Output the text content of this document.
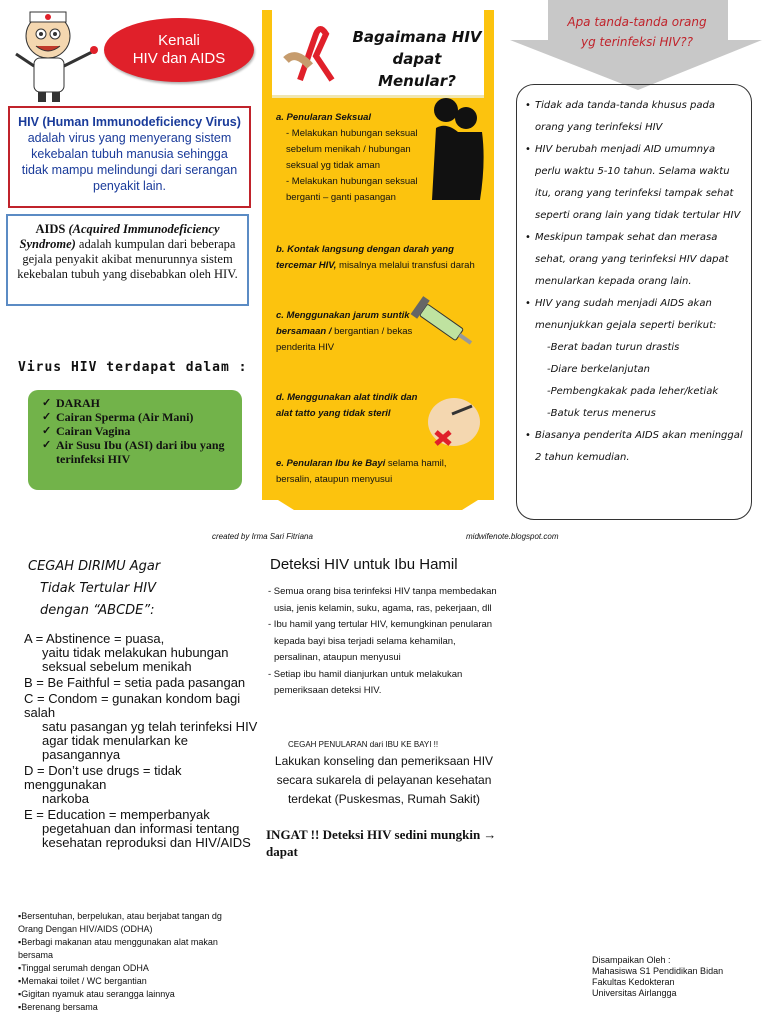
Kenali
HIV dan AIDS
HIV (Human Immunodeficiency Virus) adalah virus yang menyerang sistem kekebalan tubuh manusia sehingga tidak mampu melindungi dari serangan penyakit lain.
AIDS (Acquired Immunodeficiency Syndrome) adalah kumpulan dari beberapa gejala penyakit akibat menurunnya sistem kekebalan tubuh yang disebabkan oleh HIV.
Virus HIV terdapat dalam :
✓ DARAH
✓ Cairan Sperma (Air Mani)
✓ Cairan Vagina
✓ Air Susu Ibu (ASI) dari ibu yang terinfeksi HIV
Bagaimana HIV
dapat Menular?
a. Penularan Seksual

- Melakukan hubungan seksual sebelum menikah / hubungan seksual yg tidak aman
- Melakukan hubungan seksual berganti – ganti pasangan
b. Kontak langsung dengan darah yang tercemar HIV, misalnya melalui transfusi darah
c. Menggunakan jarum suntik bersamaan / bergantian / bekas penderita HIV
d. Menggunakan alat tindik dan alat tatto yang tidak steril
e. Penularan Ibu ke Bayi selama hamil, bersalin, ataupun menyusui
Apa tanda-tanda orang
yg terinfeksi HIV??
• Tidak ada tanda-tanda khusus pada orang yang terinfeksi HIV
• HIV berubah menjadi AID umumnya perlu waktu 5-10 tahun. Selama waktu itu, orang yang terinfeksi tampak sehat seperti orang lain yang tidak tertular HIV
• Meskipun tampak sehat dan merasa sehat, orang yang terinfeksi HIV dapat menularkan kepada orang lain.
• HIV yang sudah menjadi AIDS akan menunjukkan gejala seperti berikut:
-Berat badan turun drastis
-Diare berkelanjutan
-Pembengkakak pada leher/ketiak
-Batuk terus menerus
• Biasanya penderita AIDS akan meninggal 2 tahun kemudian.
created by Irma Sari Fitriana	midwifenote.blogspot.com
CEGAH DIRIMU Agar
Tidak Tertular HIV
dengan “ABCDE”:
A = Abstinence = puasa,
yaitu tidak melakukan hubungan seksual sebelum menikah
B = Be Faithful = setia pada pasangan
C = Condom = gunakan kondom bagi salah
satu pasangan yg telah terinfeksi HIV agar tidak menularkan ke pasangannya
D = Don’t use drugs = tidak menggunakan
narkoba
E = Education = memperbanyak
pegetahuan dan informasi tentang kesehatan reproduksi dan HIV/AIDS
Deteksi HIV untuk Ibu Hamil
- Semua orang bisa terinfeksi HIV tanpa membedakan usia, jenis kelamin, suku, agama, ras, pekerjaan, dll
- Ibu hamil yang tertular HIV, kemungkinan penularan kepada bayi bisa terjadi selama kehamilan, persalinan, ataupun menyusui
- Setiap ibu hamil dianjurkan untuk melakukan pemeriksaan deteksi HIV.
CEGAH PENULARAN dari IBU KE BAYI !!
Lakukan konseling dan pemeriksaan HIV secara sukarela di pelayanan kesehatan terdekat (Puskesmas, Rumah Sakit)
INGAT !! Deteksi HIV sedini mungkin → dapat
▪ Bersentuhan, berpelukan, atau berjabat tangan dg Orang Dengan HIV/AIDS (ODHA)
▪ Berbagi makanan atau menggunakan alat makan bersama
▪ Tinggal serumah dengan ODHA
▪ Memakai toilet / WC bergantian
▪ Gigitan nyamuk atau serangga lainnya
▪ Berenang bersama
Disampaikan Oleh :
Mahasiswa S1 Pendidikan Bidan
Fakultas Kedokteran
Universitas Airlangga
